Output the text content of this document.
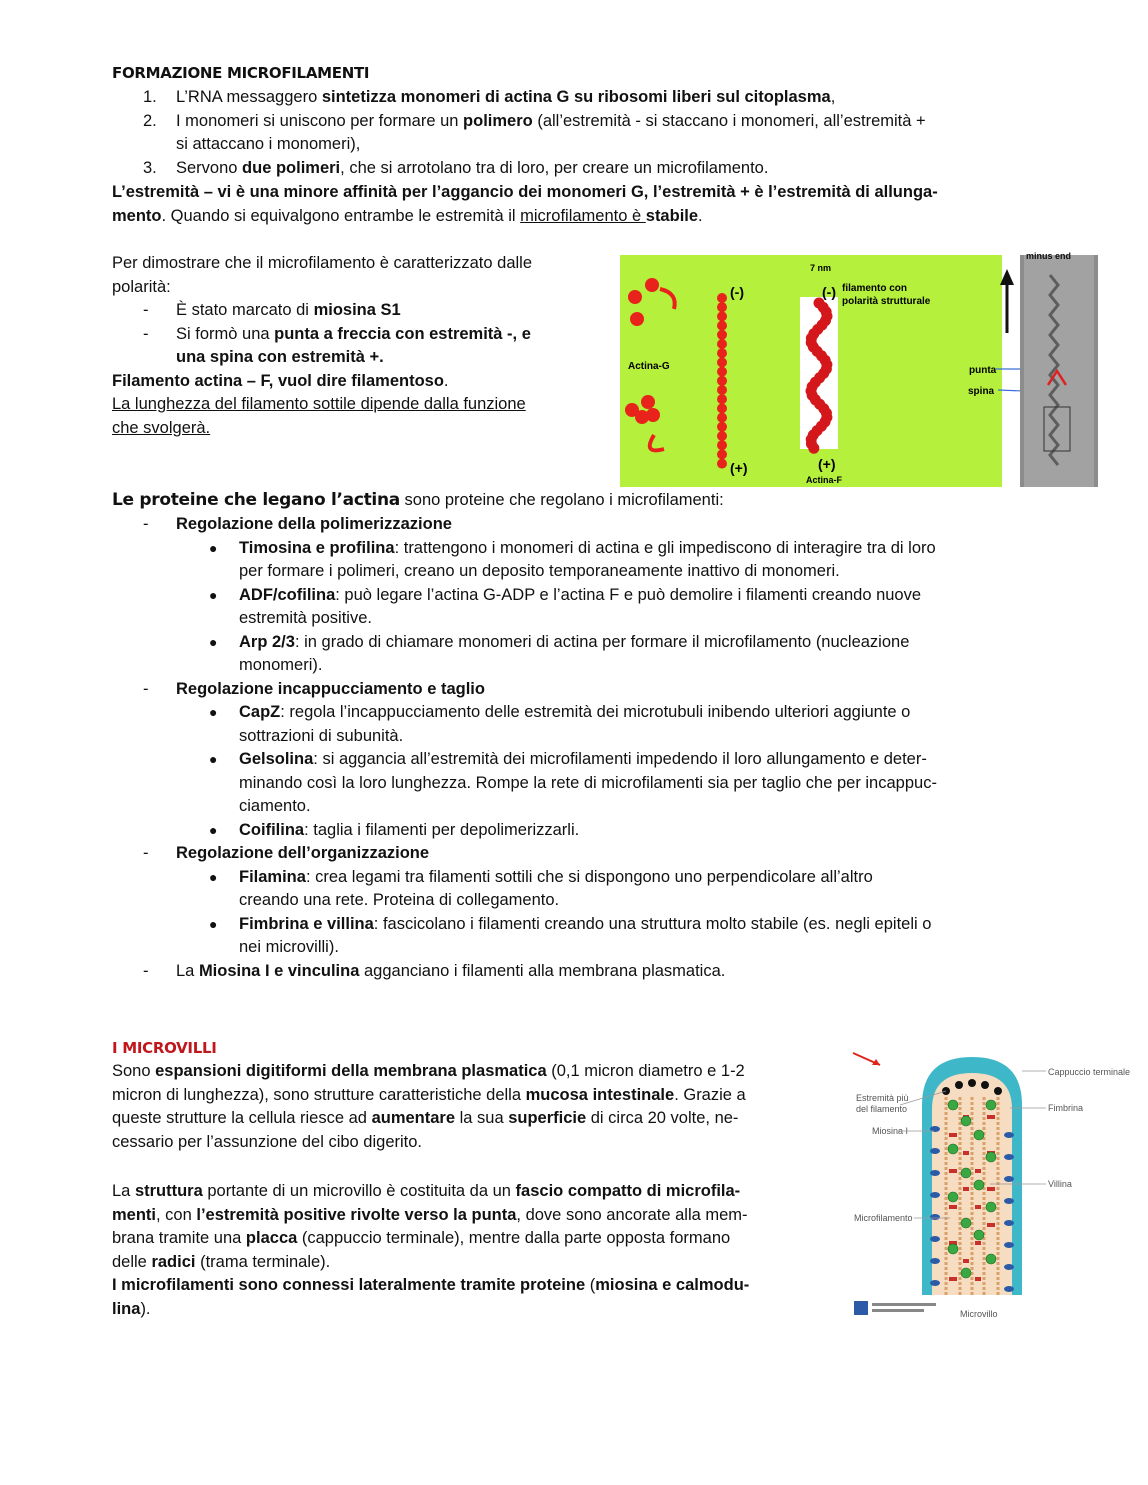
FORMAZIONE MICROFILAMENTI
1. L’RNA messaggero sintetizza monomeri di actina G su ribosomi liberi sul citoplasma,
2. I monomeri si uniscono per formare un polimero (all’estremità - si staccano i monomeri, all’estremità +
si attaccano i monomeri),
3. Servono due polimeri, che si arrotolano tra di loro, per creare un microfilamento.
L’estremità – vi è una minore affinità per l’aggancio dei monomeri G, l’estremità + è l’estremità di allunga-
mento. Quando si equivalgono entrambe le estremità il microfilamento è stabile.
Per dimostrare che il microfilamento è caratterizzato dalle
polarità:
- È stato marcato di miosina S1
- Si formò una punta a freccia con estremità -, e
una spina con estremità +.
Filamento actina – F, vuol dire filamentoso.
La lunghezza del filamento sottile dipende dalla funzione
che svolgerà.
Actina-G
(-)
(+)
7 nm
(-) filamento con
polarità strutturale
(+)
Actina-F
punta
spina
minus end
Le proteine che legano l’actina sono proteine che regolano i microfilamenti:
- Regolazione della polimerizzazione
● Timosina e profilina: trattengono i monomeri di actina e gli impediscono di interagire tra di loro
per formare i polimeri, creano un deposito temporaneamente inattivo di monomeri.
● ADF/cofilina: può legare l’actina G-ADP e l’actina F e può demolire i filamenti creando nuove
estremità positive.
● Arp 2/3: in grado di chiamare monomeri di actina per formare il microfilamento (nucleazione
monomeri).
- Regolazione incappucciamento e taglio
● CapZ: regola l’incappucciamento delle estremità dei microtubuli inibendo ulteriori aggiunte o
sottrazioni di subunità.
● Gelsolina: si aggancia all’estremità dei microfilamenti impedendo il loro allungamento e deter-
minando così la loro lunghezza. Rompe la rete di microfilamenti sia per taglio che per incappuc-
ciamento.
● Coifilina: taglia i filamenti per depolimerizzarli.
- Regolazione dell’organizzazione
● Filamina: crea legami tra filamenti sottili che si dispongono uno perpendicolare all’altro
creando una rete. Proteina di collegamento.
● Fimbrina e villina: fascicolano i filamenti creando una struttura molto stabile (es. negli epiteli o
nei microvilli).
- La Miosina I e vinculina agganciano i filamenti alla membrana plasmatica.
I MICROVILLI
Sono espansioni digitiformi della membrana plasmatica (0,1 micron diametro e 1-2
micron di lunghezza), sono strutture caratteristiche della mucosa intestinale. Grazie a
queste strutture la cellula riesce ad aumentare la sua superficie di circa 20 volte, ne-
cessario per l’assunzione del cibo digerito.
La struttura portante di un microvillo è costituita da un fascio compatto di microfila-
menti, con l’estremità positive rivolte verso la punta, dove sono ancorate alla mem-
brana tramite una placca (cappuccio terminale), mentre dalla parte opposta formano
delle radici (trama terminale).
I microfilamenti sono connessi lateralmente tramite proteine (miosina e calmodu-
lina).
Cappuccio terminale
Estremità più
del filamento	Fimbrina
Miosina I
Villina
Microfilamento
Microvillo
